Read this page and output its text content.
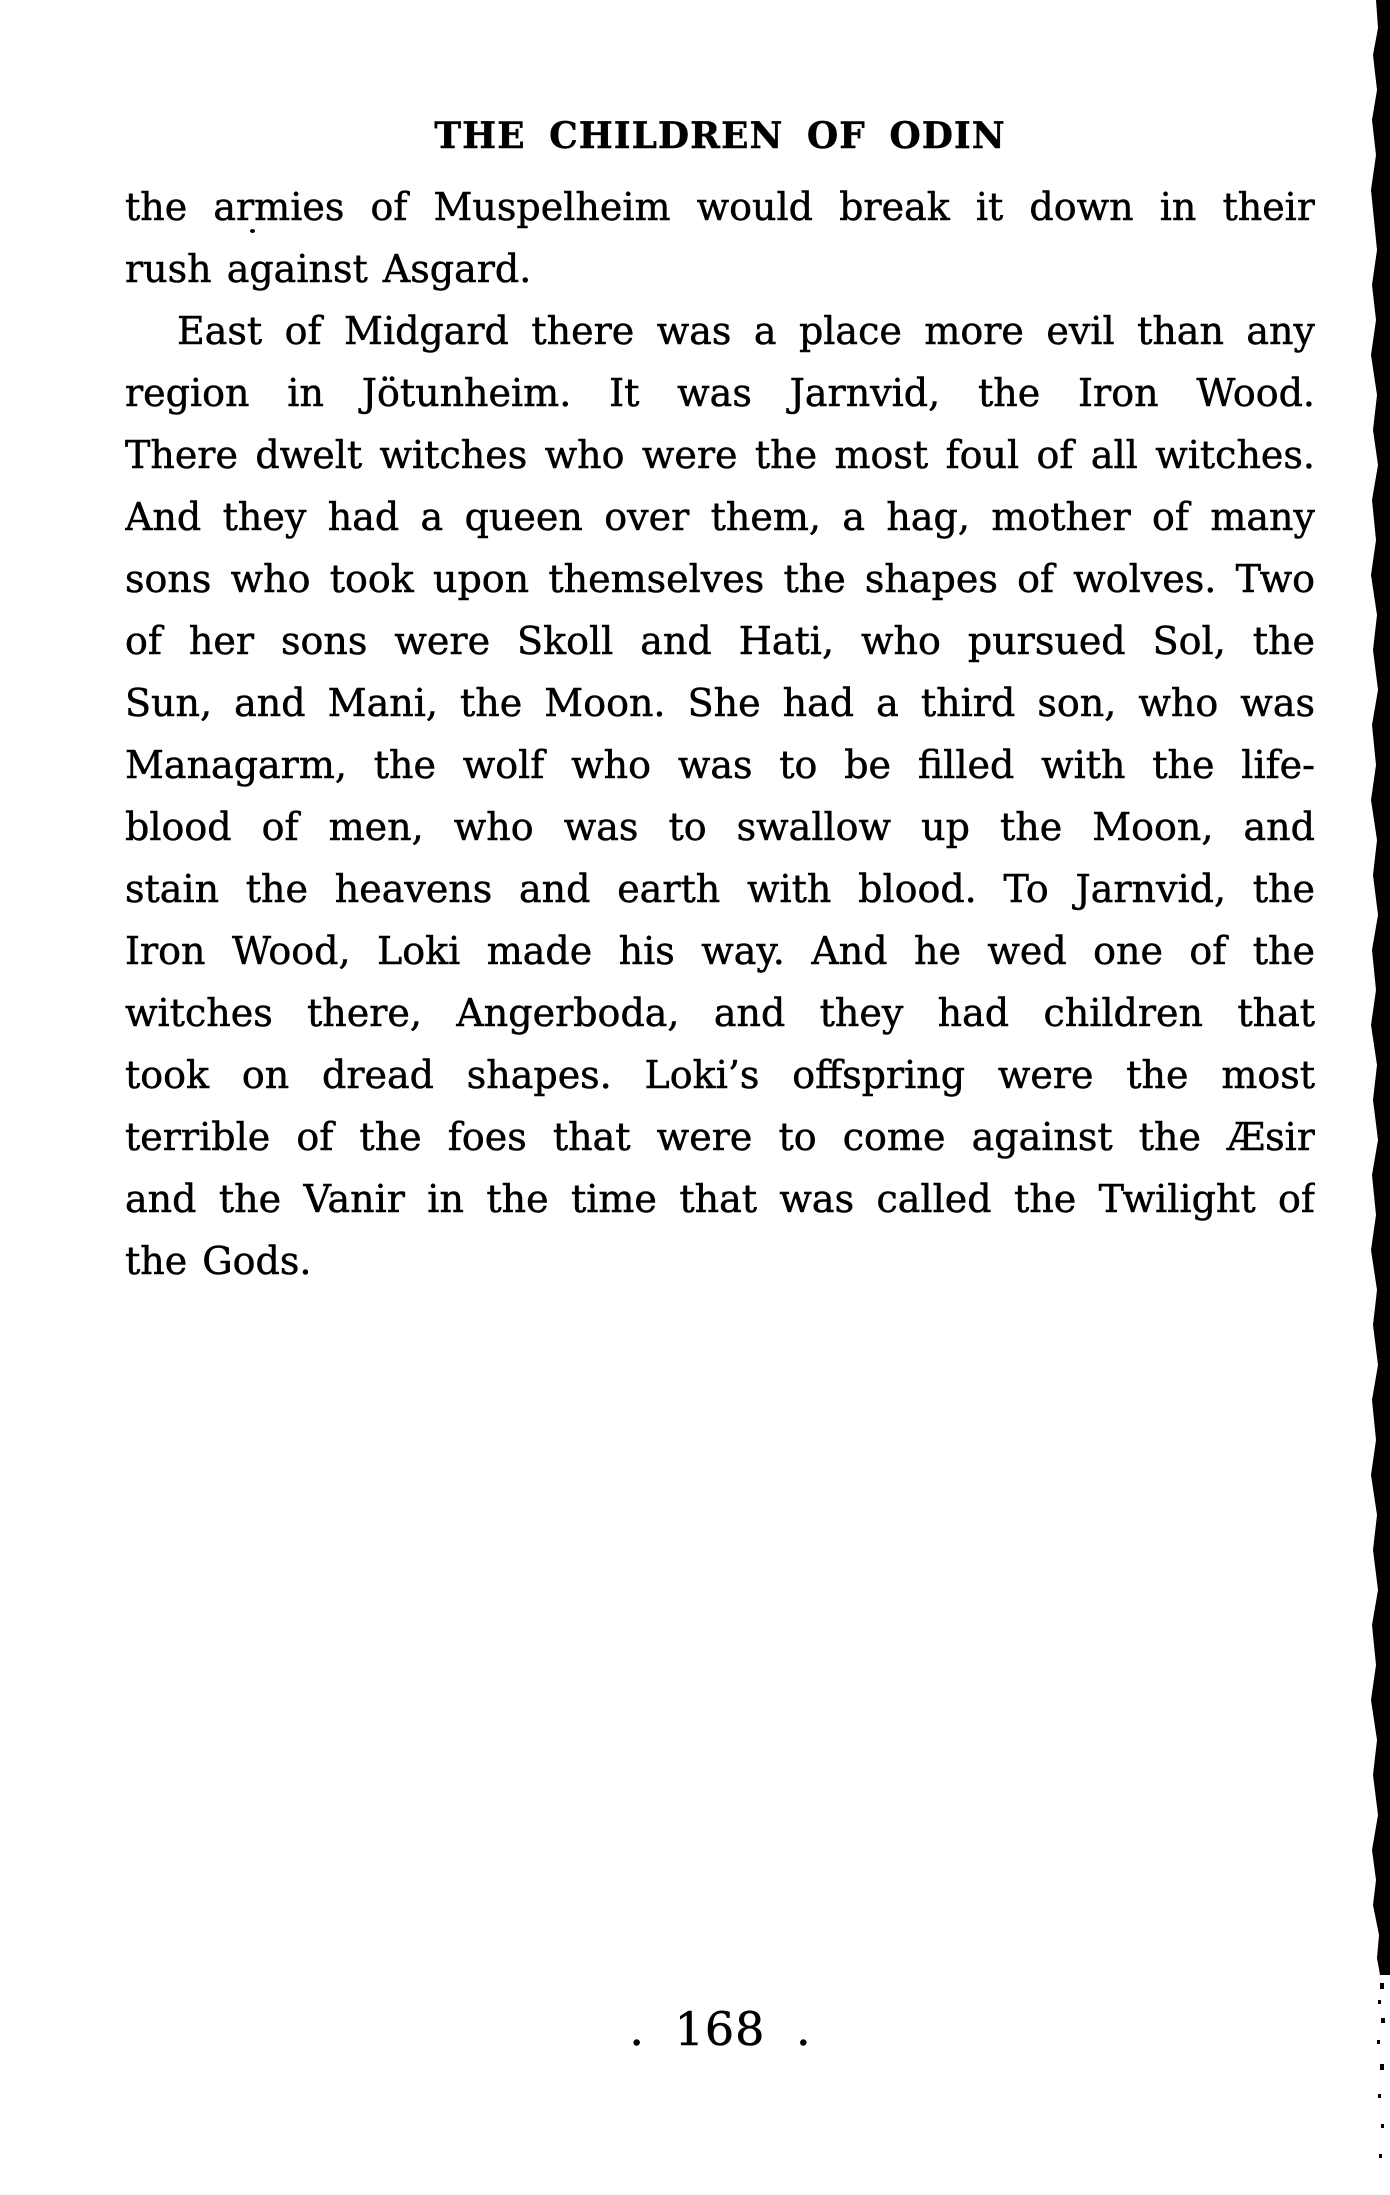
THE CHILDREN OF ODIN
the armies of Muspelheim would break it down in their
rush against Asgard.
East of Midgard there was a place more evil than any
region in Jötunheim. It was Jarnvid, the Iron Wood.
There dwelt witches who were the most foul of all witches.
And they had a queen over them, a hag, mother of many
sons who took upon themselves the shapes of wolves. Two
of her sons were Skoll and Hati, who pursued Sol, the
Sun, and Mani, the Moon. She had a third son, who was
Managarm, the wolf who was to be filled with the life-
blood of men, who was to swallow up the Moon, and
stain the heavens and earth with blood. To Jarnvid, the
Iron Wood, Loki made his way. And he wed one of the
witches there, Angerboda, and they had children that
took on dread shapes. Loki’s offspring were the most
terrible of the foes that were to come against the Æsir
and the Vanir in the time that was called the Twilight of
the Gods.
. 168 .
